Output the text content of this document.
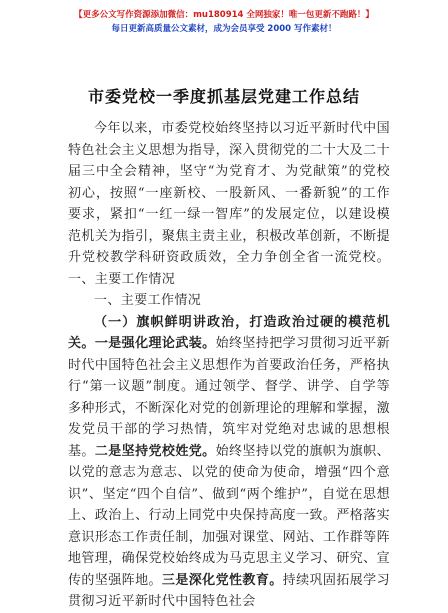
【更多公文写作资源添加微信：mu180914 全网独家！唯一包更新不跑路！】
每日更新高质量公文素材，成为会员享受 2000 写作素材！
市委党校一季度抓基层党建工作总结

今年以来，市委党校始终坚持以习近平新时代中国特色社会主义思想为指导，深入贯彻党的二十大及二十届三中全会精神，坚守“为党育才、为党献策”的党校初心，按照“一座新校、一股新风、一番新貌”的工作要求，紧扣“一红一绿一智库”的发展定位，以建设模范机关为指引，聚焦主责主业，积极改革创新，不断提升党校教学科研资政质效，全力争创全省一流党校。一、主要工作情况

一、主要工作情况

（一）旗帜鲜明讲政治，打造政治过硬的模范机关。一是强化理论武装。始终坚持把学习贯彻习近平新时代中国特色社会主义思想作为首要政治任务，严格执行“第一议题”制度。通过领学、督学、讲学、自学等多种形式，不断深化对党的创新理论的理解和掌握，激发党员干部的学习热情，筑牢对党绝对忠诚的思想根基。二是坚持党校姓党。始终坚持以党的旗帜为旗帜、以党的意志为意志、以党的使命为使命，增强“四个意识”、坚定“四个自信”、做到“两个维护”，自觉在思想上、政治上、行动上同党中央保持高度一致。严格落实意识形态工作责任制，加强对课堂、网站、工作群等阵地管理，确保党校始终成为马克思主义学习、研究、宣传的坚强阵地。三是深化党性教育。持续巩固拓展学习贯彻习近平新时代中国特色社会
